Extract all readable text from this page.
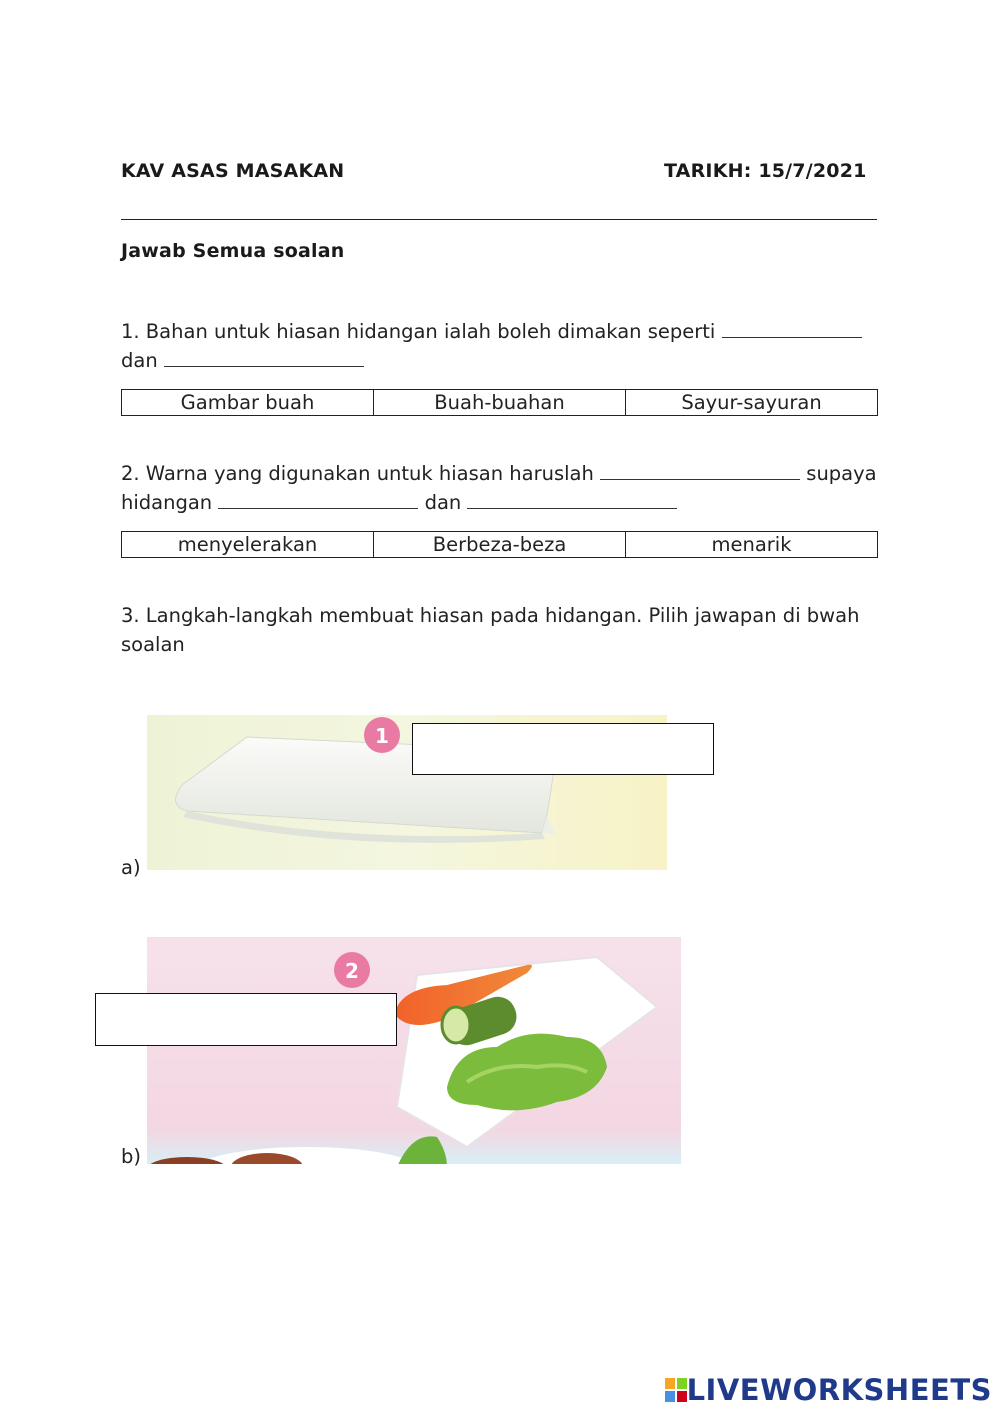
KAV ASAS MASAKAN	TARIKH: 15/7/2021
Jawab Semua soalan
1. Bahan untuk hiasan hidangan ialah boleh dimakan seperti
dan
Gambar buah	Buah-buahan	Sayur-sayuran
2. Warna yang digunakan untuk hiasan haruslah	supaya
hidangan	dan
menyelerakan	Berbeza-beza	menarik
3. Langkah-langkah membuat hiasan pada hidangan. Pilih jawapan di bwah soalan
1
a)
2
b)
LIVEWORKSHEETS
